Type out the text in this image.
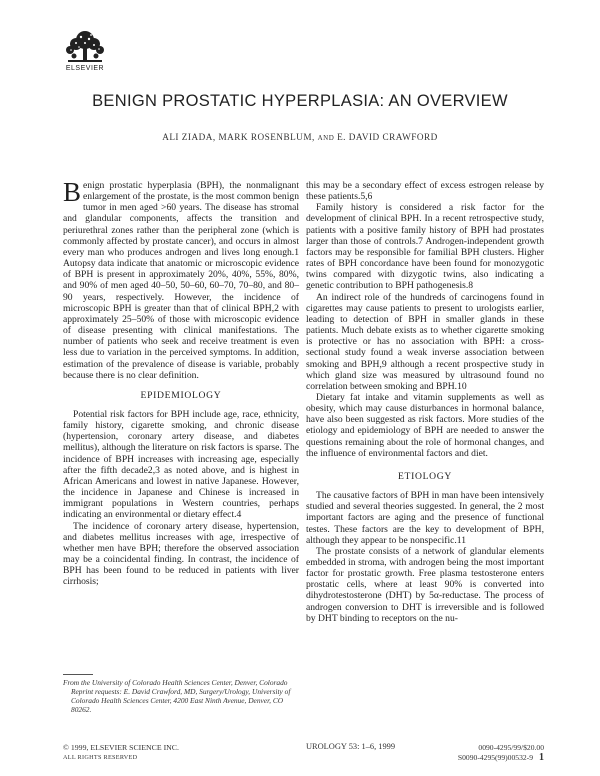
ELSEVIER
BENIGN PROSTATIC HYPERPLASIA: AN OVERVIEW
ALI ZIADA, MARK ROSENBLUM, AND E. DAVID CRAWFORD

Benign prostatic hyperplasia (BPH), the nonmalignant enlargement of the prostate, is the most common benign tumor in men aged >60 years. The disease has stromal and glandular components, affects the transition and periurethral zones rather than the peripheral zone (which is commonly affected by prostate cancer), and occurs in almost every man who produces androgen and lives long enough.1 Autopsy data indicate that anatomic or microscopic evidence of BPH is present in approximately 20%, 40%, 55%, 80%, and 90% of men aged 40–50, 50–60, 60–70, 70–80, and 80–90 years, respectively. However, the incidence of microscopic BPH is greater than that of clinical BPH,2 with approximately 25–50% of those with microscopic evidence of disease presenting with clinical manifestations. The number of patients who seek and receive treatment is even less due to variation in the perceived symptoms. In addition, estimation of the prevalence of disease is variable, probably because there is no clear definition.

EPIDEMIOLOGY

Potential risk factors for BPH include age, race, ethnicity, family history, cigarette smoking, and chronic disease (hypertension, coronary artery disease, and diabetes mellitus), although the literature on risk factors is sparse. The incidence of BPH increases with increasing age, especially after the fifth decade2,3 as noted above, and is highest in African Americans and lowest in native Japanese. However, the incidence in Japanese and Chinese is increased in immigrant populations in Western countries, perhaps indicating an environmental or dietary effect.4

The incidence of coronary artery disease, hypertension, and diabetes mellitus increases with age, irrespective of whether men have BPH; therefore the observed association may be a coincidental finding. In contrast, the incidence of BPH has been found to be reduced in patients with liver cirrhosis;

this may be a secondary effect of excess estrogen release by these patients.5,6

Family history is considered a risk factor for the development of clinical BPH. In a recent retrospective study, patients with a positive family history of BPH had prostates larger than those of controls.7 Androgen-independent growth factors may be responsible for familial BPH clusters. Higher rates of BPH concordance have been found for monozygotic twins compared with dizygotic twins, also indicating a genetic contribution to BPH pathogenesis.8

An indirect role of the hundreds of carcinogens found in cigarettes may cause patients to present to urologists earlier, leading to detection of BPH in smaller glands in these patients. Much debate exists as to whether cigarette smoking is protective or has no association with BPH: a cross-sectional study found a weak inverse association between smoking and BPH,9 although a recent prospective study in which gland size was measured by ultrasound found no correlation between smoking and BPH.10

Dietary fat intake and vitamin supplements as well as obesity, which may cause disturbances in hormonal balance, have also been suggested as risk factors. More studies of the etiology and epidemiology of BPH are needed to answer the questions remaining about the role of hormonal changes, and the influence of environmental factors and diet.

ETIOLOGY

The causative factors of BPH in man have been intensively studied and several theories suggested. In general, the 2 most important factors are aging and the presence of functional testes. These factors are the key to development of BPH, although they appear to be nonspecific.11

The prostate consists of a network of glandular elements embedded in stroma, with androgen being the most important factor for prostatic growth. Free plasma testosterone enters prostatic cells, where at least 90% is converted into dihydrotestosterone (DHT) by 5α-reductase. The process of androgen conversion to DHT is irreversible and is followed by DHT binding to receptors on the nu-

From the University of Colorado Health Sciences Center, Denver, Colorado

Reprint requests: E. David Crawford, MD, Surgery/Urology, University of Colorado Health Sciences Center, 4200 East Ninth Avenue, Denver, CO 80262.

© 1999, ELSEVIER SCIENCE INC.
ALL RIGHTS RESERVED
UROLOGY 53: 1–6, 1999	0090-4295/99/$20.00
S0090-4295(99)00532-9 1
